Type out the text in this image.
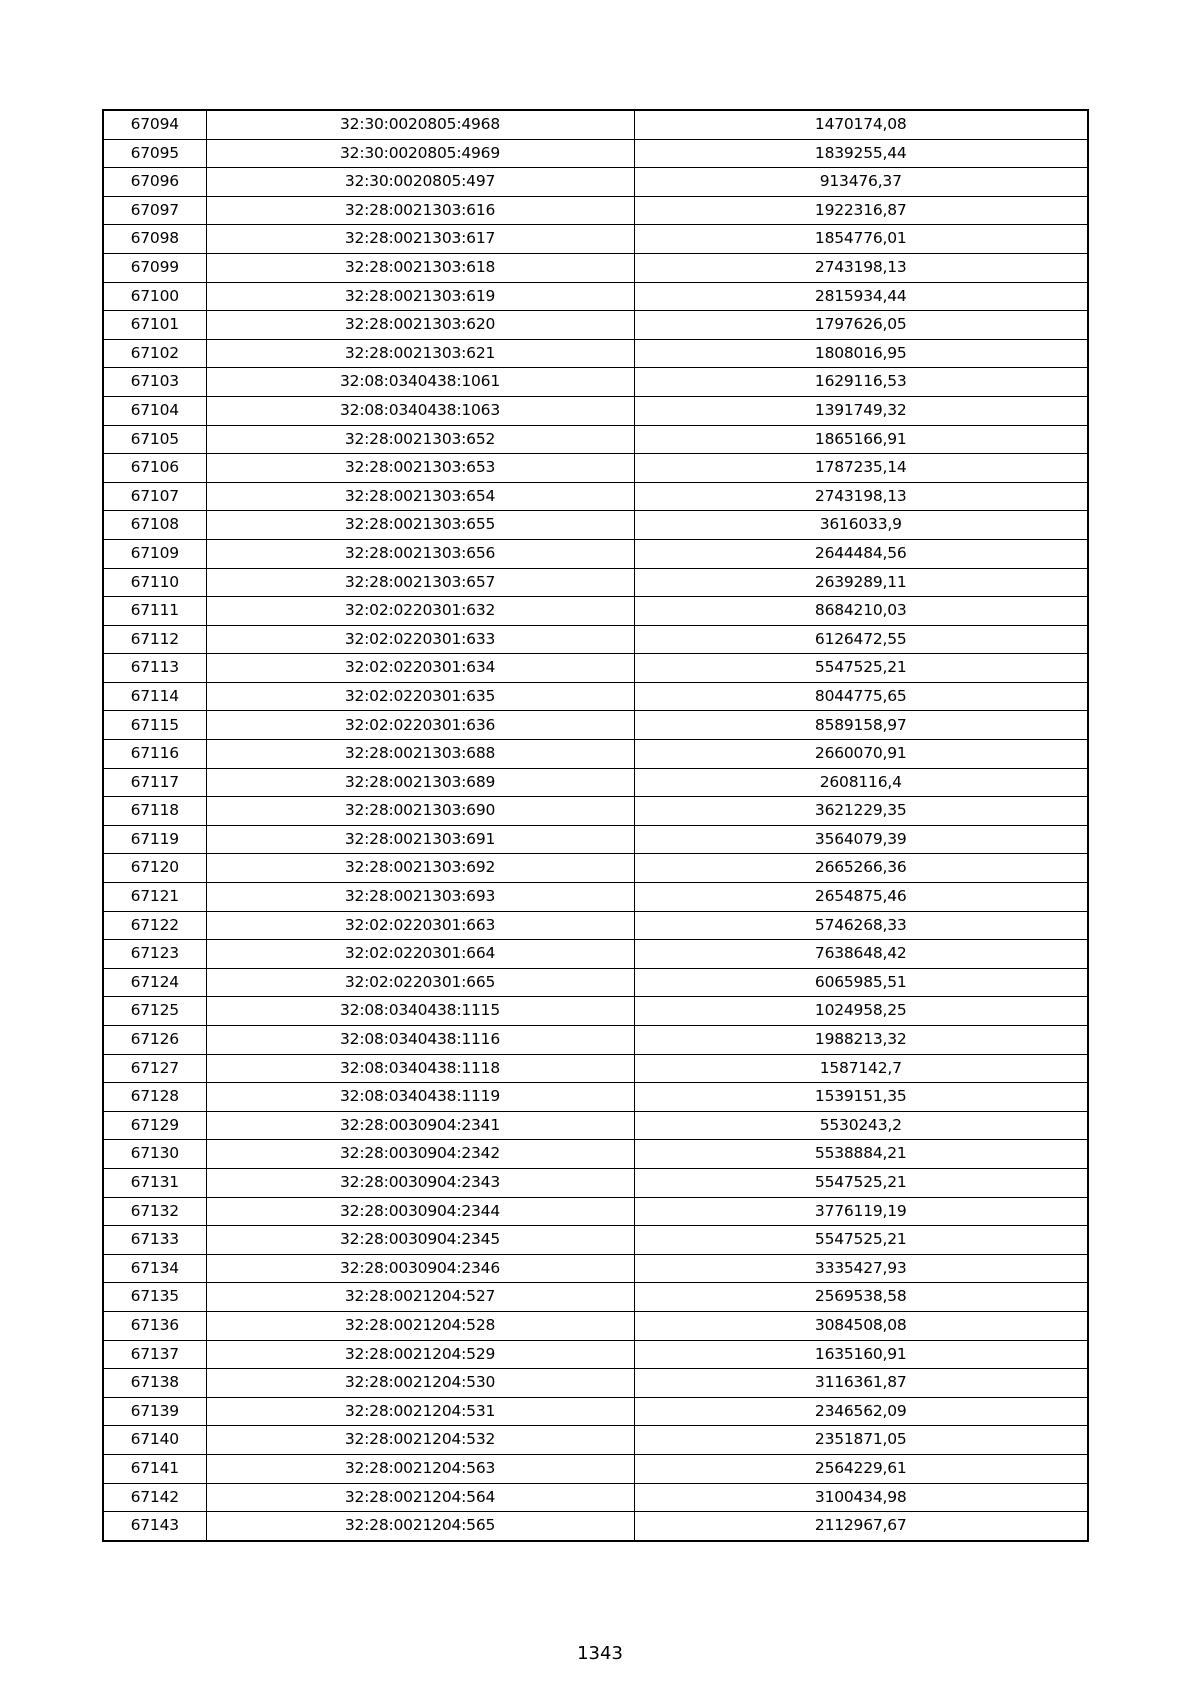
67094	32:30:0020805:4968	1470174,08
67095	32:30:0020805:4969	1839255,44
67096	32:30:0020805:497	913476,37
67097	32:28:0021303:616	1922316,87
67098	32:28:0021303:617	1854776,01
67099	32:28:0021303:618	2743198,13
67100	32:28:0021303:619	2815934,44
67101	32:28:0021303:620	1797626,05
67102	32:28:0021303:621	1808016,95
67103	32:08:0340438:1061	1629116,53
67104	32:08:0340438:1063	1391749,32
67105	32:28:0021303:652	1865166,91
67106	32:28:0021303:653	1787235,14
67107	32:28:0021303:654	2743198,13
67108	32:28:0021303:655	3616033,9
67109	32:28:0021303:656	2644484,56
67110	32:28:0021303:657	2639289,11
67111	32:02:0220301:632	8684210,03
67112	32:02:0220301:633	6126472,55
67113	32:02:0220301:634	5547525,21
67114	32:02:0220301:635	8044775,65
67115	32:02:0220301:636	8589158,97
67116	32:28:0021303:688	2660070,91
67117	32:28:0021303:689	2608116,4
67118	32:28:0021303:690	3621229,35
67119	32:28:0021303:691	3564079,39
67120	32:28:0021303:692	2665266,36
67121	32:28:0021303:693	2654875,46
67122	32:02:0220301:663	5746268,33
67123	32:02:0220301:664	7638648,42
67124	32:02:0220301:665	6065985,51
67125	32:08:0340438:1115	1024958,25
67126	32:08:0340438:1116	1988213,32
67127	32:08:0340438:1118	1587142,7
67128	32:08:0340438:1119	1539151,35
67129	32:28:0030904:2341	5530243,2
67130	32:28:0030904:2342	5538884,21
67131	32:28:0030904:2343	5547525,21
67132	32:28:0030904:2344	3776119,19
67133	32:28:0030904:2345	5547525,21
67134	32:28:0030904:2346	3335427,93
67135	32:28:0021204:527	2569538,58
67136	32:28:0021204:528	3084508,08
67137	32:28:0021204:529	1635160,91
67138	32:28:0021204:530	3116361,87
67139	32:28:0021204:531	2346562,09
67140	32:28:0021204:532	2351871,05
67141	32:28:0021204:563	2564229,61
67142	32:28:0021204:564	3100434,98
67143	32:28:0021204:565	2112967,67
1343
